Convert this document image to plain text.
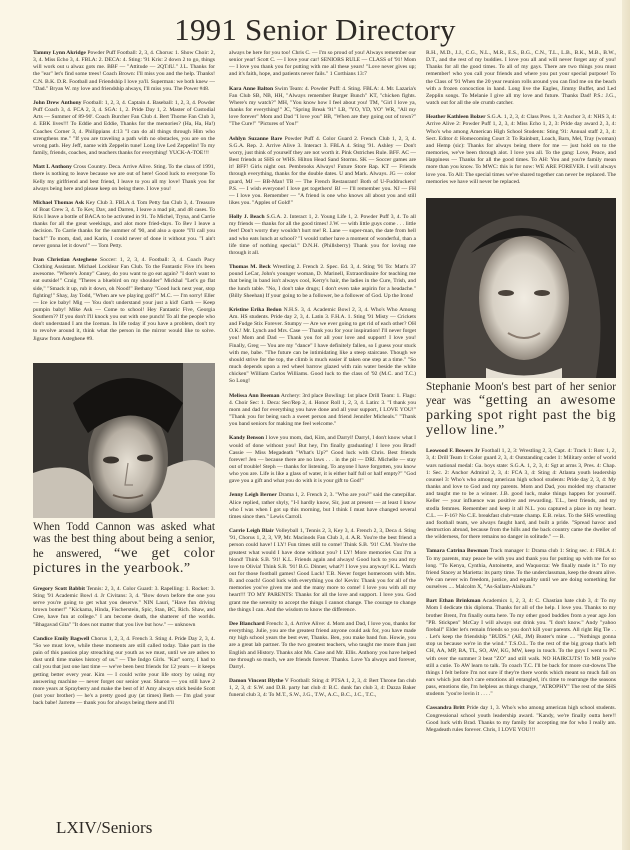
1991 Senior Directory

Tammy Lynn Akridge Powder Puff Football: 2, 3, 4. Chorus: 1. Show Choir: 2, 3, 4. Miss Echo 3, 4. FBLA: 2. DECA: 4. Sting: '91 Kris: 2 down 2 to go, things will work out u alwaz gots me. BBF — "Attitude — 2QT4U." J.L. Thanks for the "ear" let's find some trees! Coach Brown: I'll miss you and the help. Thanks! C.N. B.K. D.R. Football and Friendship I love ya'll. Superman: we both knew — "Dad." Bryan W. my love and friendship always, I'll miss you. The Power #48.

John Drew Anthony Football: 1, 2, 3, 4. Captain 4. Baseball: 1, 2, 3, 4. Powder Puff Coach 3, 4. FCA 2, 3, 4. SGA: 1, 2. Pride Day 1, 2. Master of Custodial Arts — Summer of 89-90'. Coach Burcher Fan Club 4. Bert Thorne Fan Club 3, 4. EBK lives!!! To Eddie and Eddie, Thanks for the memories? (Ha, Ha, Ha!) Coaches Corner 3, 4. Philippians 4:13 "I can do all things through Him who strengthens me." "If you are traveling a path with no obstacles, you are on the wrong path. Hey Jeff, name with Zeppelin tune! Long live Led Zeppelin! To my family, friends, coaches, and teachers thanks for everything! YUCK-A-TOE!!!

Matt I. Anthony Cross Country. Deca. Arrive Alive. Sting. To the class of 1991, there is nothing to leave because we are out of here! Good luck to everyone To Kelly my girlfriend and best friend, I leave to you all my love! Thank you for always being here and please keep on being there. I love you!

Michael Thomas Ask Key Club 3. FBLA 4. Tom Petty fan Club 3, 4. Treasure of Boat Crew 3, 4. To Kev, Dav, and Darren, I leave a mad pit, and 48 cases. To Kris I leave a bottle of BACA to be activated in 91. To Michel, Tryna, and Carrie thanks for all the great weekings, and alot more fried-days. To Bev I leave a decision. To Carrie thanks for the summer of '90, and also a quote "I'll call you back!" To mom, dad, and Karin, I could never of done it without you. "I ain't never gonna let it down!" — Tom Petty.

Ivan Christian Asteghene Soccer: 1, 2, 3, 4. Football: 3, 4. Coach Pacy Clothing Assistant. Michael Locklear Fan Club. To the Fantastic Five it's been awesome. "Where's Jonny" Casey, do you want to go eat again? "I don't want to eat outside!" Craig "Theres a bluebird on my shoulder" Mickhal "Let's go flat side," "Smack it up, rub it down, oh Nood!" Bethany "Good luck next year, stop fighting!" Shay, Jay Todd, "When are we playing golf?" M.C. — I'm sorry! Eller — Ice ice baby! Mig — You don't understand your just a kid! Garth — Keep pumpin baby! Mike Ask — Come to school! Hey Fantastic Five, Georgia Southern?? If you don't I'll knock you out with one punch! To all the people who don't understand I am the Iceman. In life today if you have a problem, don't try to revolve around it, think what the person in the mirror would like to solve. Jigsaw from Asteghene #9.

When Todd Cannon was asked what was the best thing about being a senior, he answered, “we get color pictures in the yearbook.”

Gregory Scott Babbit Tennis: 2, 3, 4. Color Guard: 3. Rapelling: 1. Rocket: 3. Sting '91 Academic Bowl 4. Jr Civitans: 3, 4. "Bow down before the one you serve you're going to get what you deserve." NIN Lauri, "Have fun driving brown bomer!" "Kickama, Hinda, Fischerstein, Spic, Stan, BC, Rich. Shaw, and Cree, have fun at college." I am become death, the shatterer of the worlds. "Bhagavad Gita" "It does not matter that you live but how." — unknown

Candice Emily Bagwell Chorus 1, 2, 3, 4. French 3. Sting 4. Pride Day 2, 3, 4. "So we must love, while these moments are still called today. Take part in the pain of this passion play streaching our youth as we must, until we are ashes to dust until time makes history of us." — The Indgo Girls. "Kat" sorry, I had to call you that just one last time — we've been best friends for 12 years — it keeps getting better every year. Kim — I could write your life story by using my answering machine — never forget our senior year. Sharon — you still have 2 more years at Sprayberry and make the best of it! Amy always stick beside Scott (not your brother) — he's a pretty good guy (at times) Beth — I'm glad your back babe! Jarrette — thank you for always being there and I'll

always be here for you too! Chris C. — I'm so proud of you! Always remember our senior year! Scott C. — I love your car! SENIORS RULE — CLASS of '91! Mom — I love you thank you for putting with me all these years! "Love never gives up; and it's faith, hope, and patients never fails." 1 Corthians 13:7

Kara Anne Balton Swim Team: 4. Powder Puff: 4. Sting. FBLA: 4. Mr. Lazaria's Fan Club SB, NB, HH, "Always remember Burger Bunch" KT, "chicken fights. Where's my watch?" MH, "You know how I feel about you! TM, "Girl I love ya, thanks for everything!" JC, "Spring Break '91" LB, "YO, YD, YO" WR, "All my love forever" Mom and Dad "I love you" BB, "When are they going out of town?" "The Cure!" "Pictures of You!"

Ashlyn Suzanne Bare Powder Puff 4. Color Guard 2. French Club 1, 2, 3, 4. S.G.A. Rep. 2. Arrive Alive 3. Interact 3. FBLA 4. Sting '91. Ashley — Don't worry, just think of yourself they are not worth it. Pink Ostriches Rule. BFF. AC — Best friends at SHS or WHS. Hilton Head Sand Storms. SK — Soccer games are it! BFF! Girls night out. Pembrooks Always! Future Store Rap. KT — Friends through everything, thanks for the double dates. U and Mark. Always. JG — color guard, MJ — BB-Man! TB — The French Restaurant! Both of U-Fuddruckers! P.S. — I wish everyone! I love get togethers! BJ — I'll remember you. NJ — FH — I love you. Remember — "A friend is one who knows all about you and still likes you. "Apples of Gold!"

Holly J. Beach S.G.A. 2. Interact 1, 2. Young Life 1, 2. Powder Puff 3, 4. To all my friends — thanks for all the good times! J.W. — with little guys come . . . little feet! Don't worry they wouldn't hurt me! R. Lane — super-man, the date from hell and who eats lunch at school? "I would rather have a moment of wonderful, than a life time of nothing special." D.N.H. (Phillsberry) Thank you for loving me through it all.

Thomas M. Beck Wrestling 2. French 2. Spec. Ed. 3, 4. Sting '91 To: Matt's 37 pound LeCar, John's younger woman, D. Marinell, Extraordinaire for teaching me that being in band isn't always cool, Kerry's hair, the ladies in the Cure, Trish, and the lunch table. "No, I don't take drugs; I don't even take aspirin for a headache." (Billy Sheehan) If your going to be a follower, be a follower of God. Up the Irons!

Kristine Erika Bedon N.H.S. 3, 4. Academic Bowl 2, 3, 4. Who's Who Among Am. HS students. Pride day 2, 3, 4. Latin 3. F.H.A. 1. Sting '91 Misty — Crickets and Fudge Stix Forever. Stumpy — Are we ever going to get rid of each other? OH O.K.! Mr. Lynch and Mrs. Case — Thank you for your inspiration! I'll never forget you! Mom and Dad — Thank you for all your love and support! I love you! Finally, Greg — You are my "dance" I have definitely fallen, so I guess your stuck with me, babe. "The future can be intimidating like a steep staircase. Though we should strive for the top, the climb is much easier if taken one step at a time." "So much depends upon a red wheel barrow glazed with rain water beside the white chicken" William Carlos Williams. Good luck to the class of '92 (M.C. and T.C.) So Long!

Melissa Ann Beeman Archery: 3rd place Bowling: 1st place Drill Team: 1. Flags: 4. Choir Sec: 1. Deca: Sec/Rep 2, 4. Honor Roll 1, 2, 3, 4. Latin: 3. "I thank you mom and dad for everything you have done and all your support, I LOVE YOU!" "Thank you for being such a sweet person and friend Jennifer Micheals." "Thank you band seniors for making me feel welcome."

Kandy Benson I love you mom, dad, Kim, and Darryl! Darryl, I don't know what I would of done without you! But hey, I'm finally graduating! I love you Brad! Cassie — Miss Megadeath "What's Up?" Good luck with Chris. Best friends forever! Jen — because there are no laws . . . in the pit — DRI. Michelle — stay out of trouble! Steph — thanks for listening. To anyone I have forgotten, you know who you are. Life is like a glass of water, it is either half full or half empty?" "God gave you a gift and what you do with it is your gift to God!"

Jenny Leigh Berner Drama 1, 2. French 2, 3. "Who are you?" said the caterpillar. Alice replied, rather shyly, "I-I hardly know, Sir, just at present — at least I know who I was when I got up this morning, but I think I must have changed several times since then." Lewis Carroll.

Carrie Leigh Blair Volleyball 1, Tennis 2, 3, Key 3, 4. French 2, 3, Deca 4. Sting '91, Chorus 1, 2, 3, VP, Mr. Macinods Fan Club 3, 4. A.R. You're the best friend a person could have! I LY! Fun times still to come! Think S.B. '91! C.M. You're the greatest what would I have done without you? I LY! More memories Cuz I'm a blond! Think S.B. '91! K.L. Friends again and always! Good luck to you and my love to Olivia! Think S.B. '91! B.G. Dinner, what?! I love you anyway! K.L. Watch out for those football games! Good Luck! T.B. Never forget homeroom with Mrs. B. and coach! Good luck with everything you do! Kevin: Thank you for all of the memories you've given me and the many more to come! I love you with all my heart!!! TO MY PARENTS: Thanks for all the love and support. I love you. God grant me the serenity to accept the things I cannot change. The courage to change the things I can. And the wisdom to know the difference.

Dee Blanchard French: 3, 4. Arrive Alive: 4. Mom and Dad, I love you, thanks for everything. Julie, you are the greatest friend anyone could ask for, you have made my high school years the best ever, Thanks. Ben, you make band fun. Howie, you are a great lab partner. To the two greatest teachers, who taught me more than just English and History. Thanks alot Ms. Case and Mr. Ellis. Anthony you have helped me through so much, we are friends forever. Thanks. Love Ya always and forever, Darryl.

Damon Vincent Blythe V Football: Sting 4: PTSA 1, 2, 3, 4: Bert Throne fan club 1, 2, 3, 4: S.W. and D.B. party hat club 4: B.C. dunk fan club 3, 4: Dazza Baker funeral club 3, 4: To M.T., S.W., J.G., T.W., A.C., B.C., J.C., T.C.,

R.H., M.D., J.J., C.G., N.L., M.R., E.S., B.G., C.N., T.L., L.B., B.K., M.B., B.W., D.T., and the rest of my buddies. I love you all and will never forget any of you! Thanks for all the good times. To all of my gays. There are two things you must remember! who you call your friends and where you put your special purpose! To the Class of '91 When the 20 year reunion rolls around you can find me on the beach with a frozen concoction in hand. Long live the Eagles, Jimmy Buffet, and Led Zepplin songs. To Melanie I give all my love and future. Thanks Dad! P.S.: J.G., watch out for all the ole crumb catcher.

Heather Kathleen Bolzer S.G.A. 1, 2, 3, 4: Class Pres. 1, 3: Anchor 3, 4: NHS 3, 4: Arrive Alive 2: Powder Puff 1, 2, 3, 4: Miss Echo 1, 2, 3: Pride day award 2, 3, 4: Who's who among American High School Students: Sting '91: Annual staff 2, 3, 4: Sect. Editor 4: Homecoming Court 3: To Rainbutt, Loach, Barn, Mel, Tray (woman) and Hemp (sic): Thanks for always being there for me — just hold on to the memories, we've been through alot. I love you all. To the gang: Love, Peace, and Happiness — Thanks for all the good times. To AH: You and you're family mean more than you know. To MWC: this is for now: WE ARE FOREVER. I will always love you. To All: The special times we've shared together can never be replaced. The memories we have will never be replaced.

Stephanie Moon's best part of her senior year was “getting an awesome parking spot right past the big yellow line.”

Leowood F. Bowers Jr Football 1, 2, 3: Wrestling 2, 3, Capt. 4: Track 1: Rotc 1, 2, 3, 4: Drill Team 1: Color guard 2, 3, 4: Outstanding cadet 1: Military order of world wars national medal: Ga. boys state: S.G.A. 1, 2, 3, 4: Sgt at arms 3, Pres. 4: Chap. 1: Sec. 2: Anchor Admiral 2, 3, 4: FCA 3, 4: Sting 4: Atlanta youth leadership counsel 3: Who's who among american high school students: Pride day 2, 3, 4: My thanks and love to God and my parents. Mom and Dad, you molded my character and taught me to be a winner. J.B. good luck, make things happen for yourself. Keller — your influence was positive and rewarding. T.L., best friends, and try stodla femmes. Remember and keep it all N.L. you captured a place in my heart. C.L. — F-16? No C.E. breakfast club=state champ. E.B. relax. To the SHS wrestling and football team, we always faught hard, and built a pride. "Spread havoc and destruction abroad, because from the hills and the back country came the dweller of the wilderness, for there remains no danger in solitude." — B.

Tamara Catrina Bowman Track manager 1: Drama club 1: Sting sec. 4: FBLA 4: To my parents, may peace be with you and thank you for putting up with me for so long. "To Kenya, Cynthia, Antoinette, and Waquorza: We finally made it." To my friend Stacey at Marietta: its party time. To the underclassman, keep the dream alive. We can never win freedom, justice, and equality until we are doing something for ourselves .... Malcolm X, "As-Sallam-Alaikum."

Bart Ethan Brinkman Academics 1, 2, 3, 4: C. Chastian hate club 3, 4: To my Mom I dedicate this diploma. Thanks for all of the help. I love you. Thanks to my brother Brent, I'm finally outta here. To my other good buddies from a year ago Jon "PB. Stickpen" McCay I will always out drink you. "I don't know." Andy "yahoo fireball" Elder let's remain friends so you don't kill your parents. All right Big Tie . . . Let's keep the friendship "BUDS." (AE, JM) Buster's mine .... "Nothings gonna stop us because we're in the wind." T.S.O.L. To the rest of the big group that's left CH, AA, MP, BA, TL, SO, AW, KG, MW, keep in touch. To the guys I went to PC with over the summer 3 beat "ZO" and still walk. NO HAIRCUTS! To MB you're still a cutie. To AW learn to talk. To coach T.C. I'll be back for more cut-downs The things I felt before I'm not sure if they're there words which meant so much fall on ears which just don't care emotions all entangled, it's time to rearrange the seasons pass, emotions die, I'm helpless as things change, "ATROPHY" The rest of the SHS students "you're lovin it . . . ."

Cassandra Britt Pride day 1, 3. Who's who among american high school students. Congressional school youth leadership award. "Kandy, we're finally outta here!! Good luck with Brad. Thanks to my family for accepting me for who I really am. Megadeath rules forever. Chris, I LOVE YOU!!!

LXIV/Seniors
